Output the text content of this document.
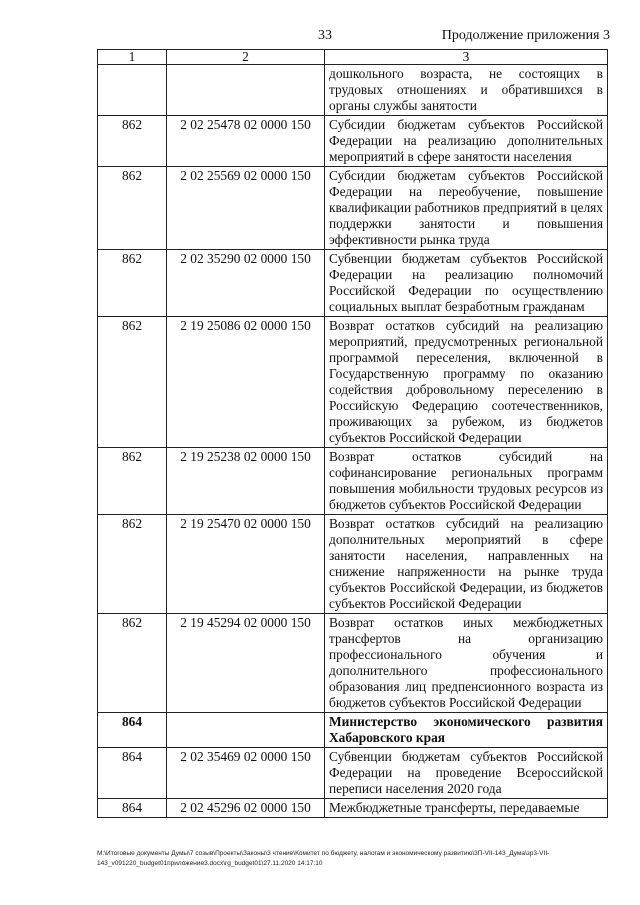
33	Продолжение приложения 3
1	2	3
		дошкольного возраста, не состоящих в трудовых отношениях и обратившихся в органы службы занятости
862	2 02 25478 02 0000 150	Субсидии бюджетам субъектов Российской Федерации на реализацию дополнительных мероприятий в сфере занятости населения
862	2 02 25569 02 0000 150	Субсидии бюджетам субъектов Российской Федерации на переобучение, повышение квалификации работников предприятий в целях поддержки занятости и повышения эффективности рынка труда
862	2 02 35290 02 0000 150	Субвенции бюджетам субъектов Российской Федерации на реализацию полномочий Российской Федерации по осуществлению социальных выплат безработным гражданам
862	2 19 25086 02 0000 150	Возврат остатков субсидий на реализацию мероприятий, предусмотренных региональной программой переселения, включенной в Государственную программу по оказанию содействия добровольному переселению в Российскую Федерацию соотечественников, проживающих за рубежом, из бюджетов субъектов Российской Федерации
862	2 19 25238 02 0000 150	Возврат остатков субсидий на софинансирование региональных программ повышения мобильности трудовых ресурсов из бюджетов субъектов Российской Федерации
862	2 19 25470 02 0000 150	Возврат остатков субсидий на реализацию дополнительных мероприятий в сфере занятости населения, направленных на снижение напряженности на рынке труда субъектов Российской Федерации, из бюджетов субъектов Российской Федерации
862	2 19 45294 02 0000 150	Возврат остатков иных межбюджетных трансфертов на организацию профессионального обучения и дополнительного профессионального образования лиц предпенсионного возраста из бюджетов субъектов Российской Федерации
864		Министерство экономического развития Хабаровского края
864	2 02 35469 02 0000 150	Субвенции бюджетам субъектов Российской Федерации на проведение Всероссийской переписи населения 2020 года
864	2 02 45296 02 0000 150	Межбюджетные трансферты, передаваемые
M:\Итоговые документы Думы\7 созыв\Проекты\Законы\3 чтение\Комитет по бюджету, налогам и экономическому развитию\3П-VII-143_Дума\зр3-VII-143_v091220_budget01приложение3.docx\rg_budget01\27.11.2020 14:17:10
